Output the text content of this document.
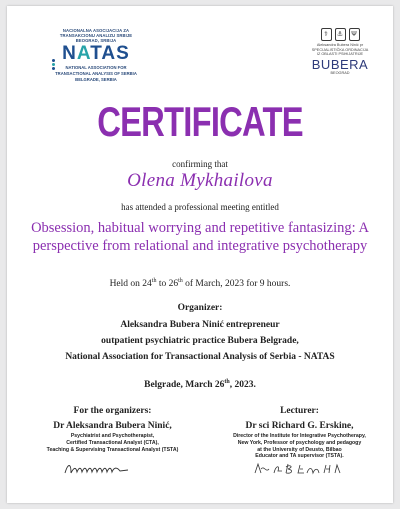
NACIONALNA ASOCIJACIJA ZA
TRANSAKCIONU ANALIZU SRBIJE
BEOGRAD, SRBIJA
NATAS
NATIONAL ASSOCIATION FOR
TRANSACTIONAL ANALYSIS OF SERBIA
BELGRADE, SERBIA
⚕	⚓	Ψ
Aleksandra Bubera Ninić pr
SPECIJALISTIČKA ORDINACIJA
IZ OBLASTI PSIHIJATRIJE
BUBERA
BEOGRAD
CERTIFICATE
confirming that
Olena Mykhailova
has attended a professional meeting entitled
Obsession, habitual worrying and repetitive fantasizing: A perspective from relational and integrative psychotherapy
Held on 24th to 26th of March, 2023 for 9 hours.
Organizer:
Aleksandra Bubera Ninić entrepreneur
outpatient psychiatric practice Bubera Belgrade,
National Association for Transactional Analysis of Serbia - NATAS
Belgrade, March 26th, 2023.
For the organizers:
Dr Aleksandra Bubera Ninić,
Psychiatrist and Psychotherapist,
Certified Transactional Analyst (CTA),
Teaching & Supervising Transactional Analyst (TSTA)
Lecturer:
Dr sci Richard G. Erskine,
Director of the Institute for Integrative Psychotherapy,
New York, Professor of psychology and pedagogy
at the University of Deusto, Bilbao
Educator and TA supervisor (TSTA).
